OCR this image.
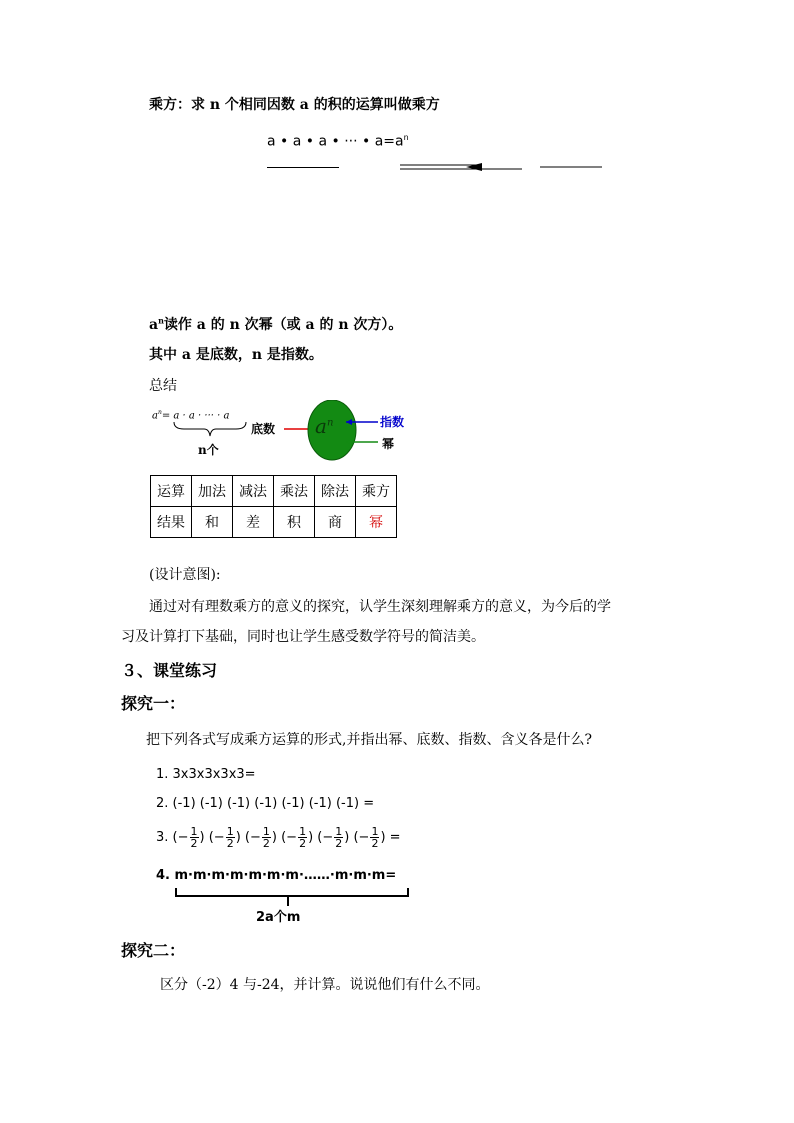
乘方：求 n 个相同因数 a 的积的运算叫做乘方
a • a • a • ··· • $a=a^n$
$a^n$读作 a 的 n 次幂（或 a 的 n 次方）。
其中 a 是底数，n 是指数。
总结
$a^n= a \cdot a$ · ··· · a
n个
底数 $a^n$	指数
幂
运算	加法	减法	乘法	除法	乘方
结果	和	差	积	商	幂
(设计意图):
通过对有理数乘方的意义的探究，认学生深刻理解乘方的意义，为今后的学
习及计算打下基础，同时也让学生感受数学符号的简洁美。
３、课堂练习
探究一：
把下列各式写成乘方运算的形式,并指出幂、底数、指数、含义各是什么?
1. 3x3x3x3x3=
2. (-1) (-1) (-1) (-1) (-1) (-1) (-1) =
3. (− $\frac{1}{2}$ ) (− $\frac{1}{2}$ ) (− $\frac{1}{2}$ ) (− $\frac{1}{2}$ ) (− $\frac{1}{2}$ ) (− $\frac{1}{2}$ ) =
4. m·m·m·m·m·m·m·……·m·m·m=
2a个m
探究二：
区分（-2）4 与-24，并计算。说说他们有什么不同。
